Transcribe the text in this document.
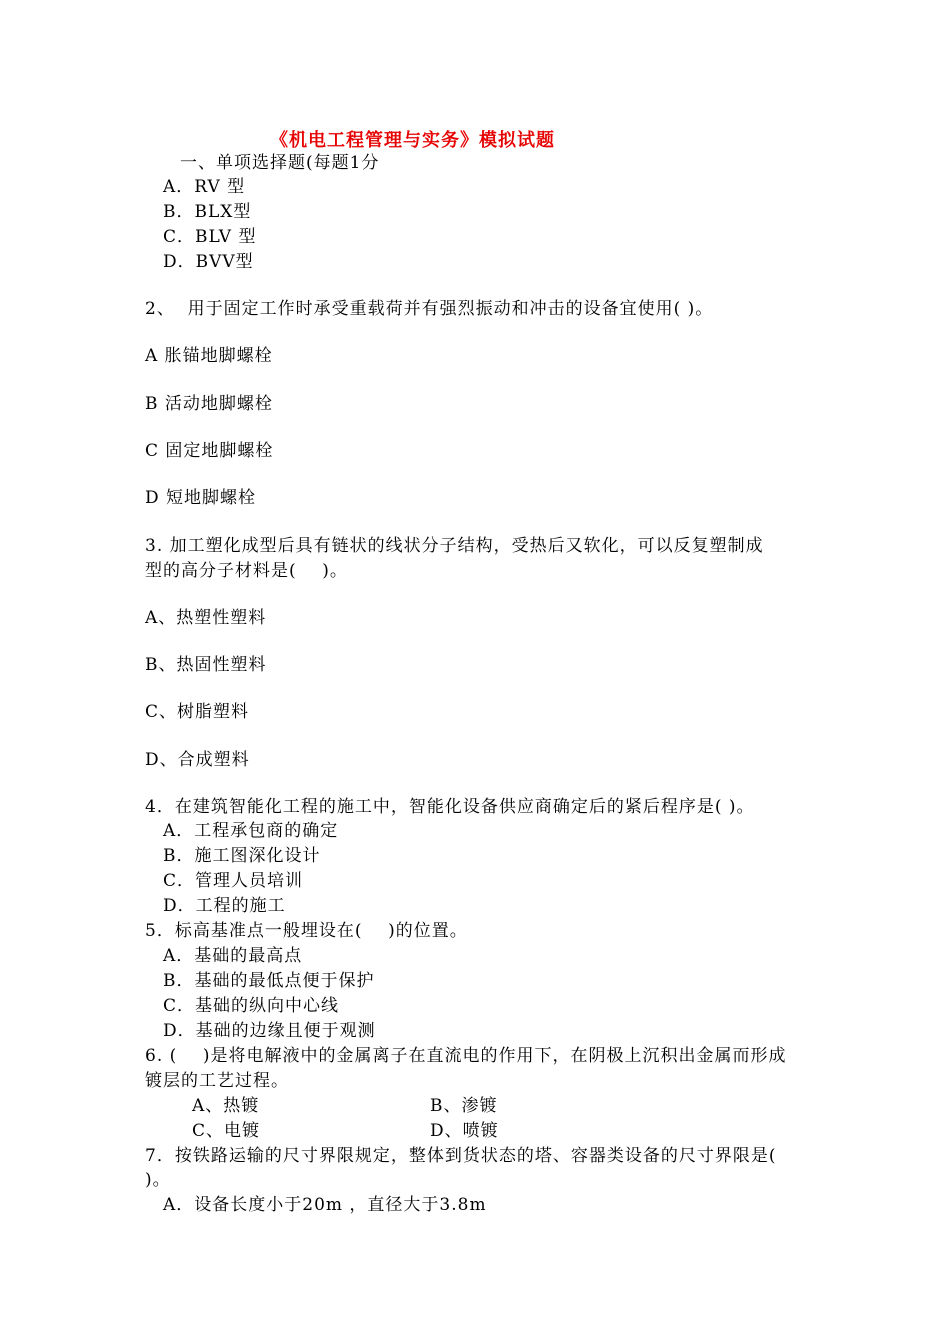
《机电工程管理与实务》模拟试题
一、单项选择题(每题1分
A．RV 型
B．BLX型
C．BLV 型
D．BVV型
2、  用于固定工作时承受重载荷并有强烈振动和冲击的设备宜使用( )。
A 胀锚地脚螺栓
B 活动地脚螺栓
C 固定地脚螺栓
D 短地脚螺栓
3. 加工塑化成型后具有链状的线状分子结构，受热后又软化，可以反复塑制成
型的高分子材料是(    )。
A、热塑性塑料
B、热固性塑料
C、树脂塑料
D、合成塑料
4．在建筑智能化工程的施工中，智能化设备供应商确定后的紧后程序是( )。
A．工程承包商的确定
B．施工图深化设计
C．管理人员培训
D．工程的施工
5．标高基准点一般埋设在(    )的位置。
A．基础的最高点
B．基础的最低点便于保护
C．基础的纵向中心线
D．基础的边缘且便于观测
6. (    )是将电解液中的金属离子在直流电的作用下，在阴极上沉积出金属而形成
镀层的工艺过程。
A、热镀	B、渗镀
C、电镀	D、喷镀
7．按铁路运输的尺寸界限规定，整体到货状态的塔、容器类设备的尺寸界限是(
)。
A．设备长度小于20m ，直径大于3.8m
